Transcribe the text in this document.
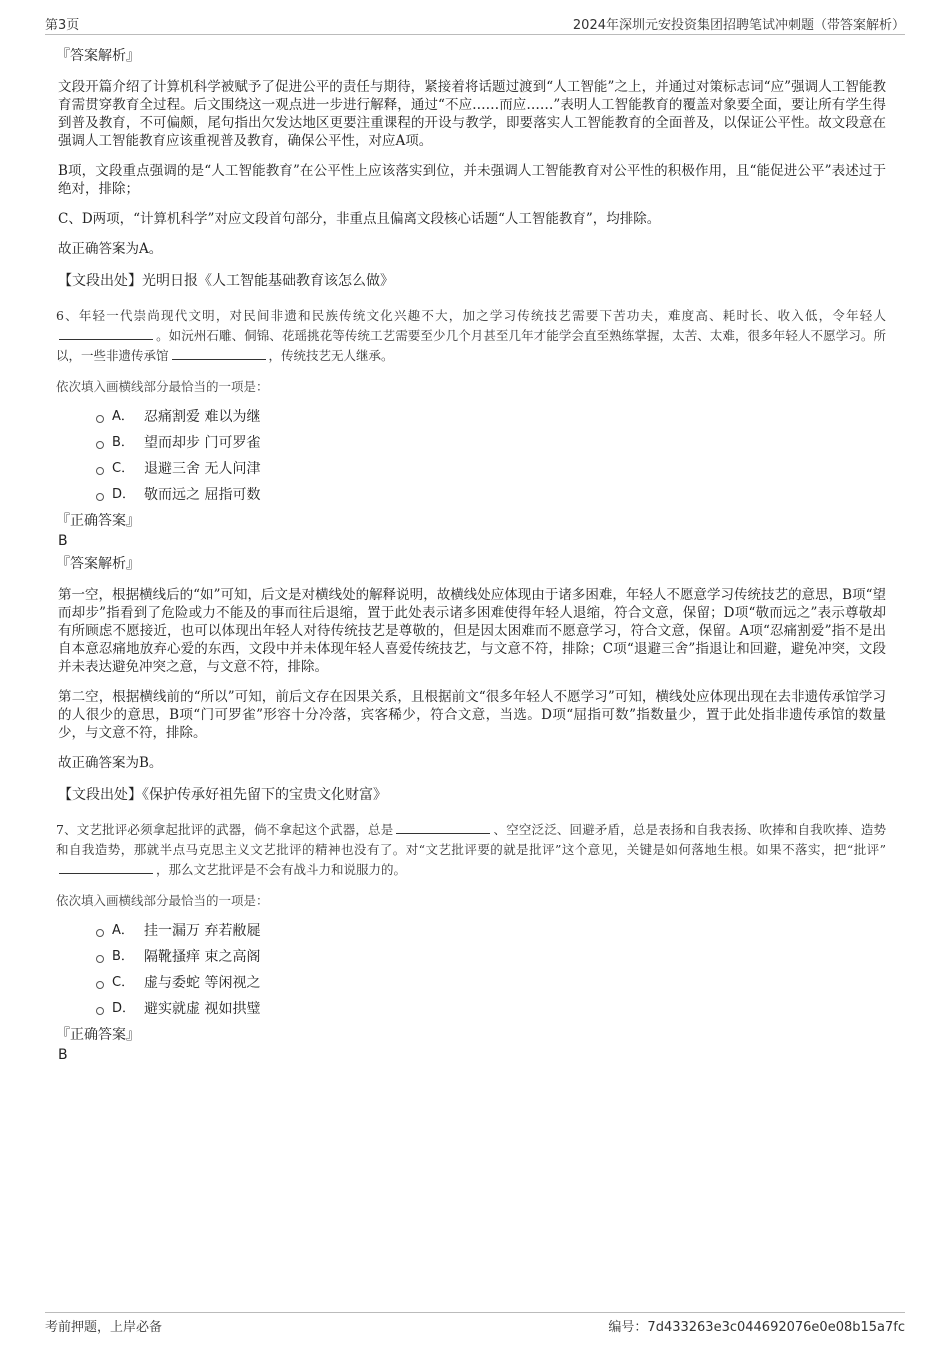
第3页	2024年深圳元安投资集团招聘笔试冲刺题（带答案解析）
『答案解析』

文段开篇介绍了计算机科学被赋予了促进公平的责任与期待，紧接着将话题过渡到“人工智能”之上，并通过对策标志词“应”强调人工智能教育需贯穿教育全过程。后文围绕这一观点进一步进行解释，通过“不应……而应……”表明人工智能教育的覆盖对象要全面，要让所有学生得到普及教育，不可偏颇，尾句指出欠发达地区更要注重课程的开设与教学，即要落实人工智能教育的全面普及，以保证公平性。故文段意在强调人工智能教育应该重视普及教育，确保公平性，对应A项。

B项，文段重点强调的是“人工智能教育”在公平性上应该落实到位，并未强调人工智能教育对公平性的积极作用，且“能促进公平”表述过于绝对，排除；

C、D两项，“计算机科学”对应文段首句部分，非重点且偏离文段核心话题“人工智能教育”，均排除。

故正确答案为A。

【文段出处】光明日报《人工智能基础教育该怎么做》
6、年轻一代崇尚现代文明，对民间非遗和民族传统文化兴趣不大，加之学习传统技艺需要下苦功夫，难度高、耗时长、收入低，令年轻人。如沅州石雕、侗锦、花瑶挑花等传统工艺需要至少几个月甚至几年才能学会直至熟练掌握，太苦、太难，很多年轻人不愿学习。所以，一些非遗传承馆	，传统技艺无人继承。
依次填入画横线部分最恰当的一项是：
A． 忍痛割爱 难以为继
B． 望而却步 门可罗雀
C． 退避三舍 无人问津
D． 敬而远之 屈指可数
『正确答案』
B
『答案解析』

第一空，根据横线后的“如”可知，后文是对横线处的解释说明，故横线处应体现由于诸多困难，年轻人不愿意学习传统技艺的意思，B项“望而却步”指看到了危险或力不能及的事而往后退缩，置于此处表示诸多困难使得年轻人退缩，符合文意，保留；D项“敬而远之”表示尊敬却有所顾虑不愿接近，也可以体现出年轻人对待传统技艺是尊敬的，但是因太困难而不愿意学习，符合文意，保留。A项“忍痛割爱”指不是出自本意忍痛地放弃心爱的东西，文段中并未体现年轻人喜爱传统技艺，与文意不符，排除；C项“退避三舍”指退让和回避，避免冲突，文段并未表达避免冲突之意，与文意不符，排除。

第二空，根据横线前的“所以”可知，前后文存在因果关系，且根据前文“很多年轻人不愿学习”可知，横线处应体现出现在去非遗传承馆学习的人很少的意思，B项“门可罗雀”形容十分冷落，宾客稀少，符合文意，当选。D项“屈指可数”指数量少，置于此处指非遗传承馆的数量少，与文意不符，排除。

故正确答案为B。

【文段出处】《保护传承好祖先留下的宝贵文化财富》
7、文艺批评必须拿起批评的武器，倘不拿起这个武器，总是	、空空泛泛、回避矛盾，总是表扬和自我表扬、吹捧和自我吹捧、造势和自我造势，那就半点马克思主义文艺批评的精神也没有了。对“文艺批评要的就是批评”这个意见，关键是如何落地生根。如果不落实，把“批评”，那么文艺批评是不会有战斗力和说服力的。
依次填入画横线部分最恰当的一项是：
A． 挂一漏万 弃若敝屣
B． 隔靴搔痒 束之高阁
C． 虚与委蛇 等闲视之
D． 避实就虚 视如拱璧
『正确答案』
B
考前押题，上岸必备	编号：7d433263e3c044692076e0e08b15a7fc
